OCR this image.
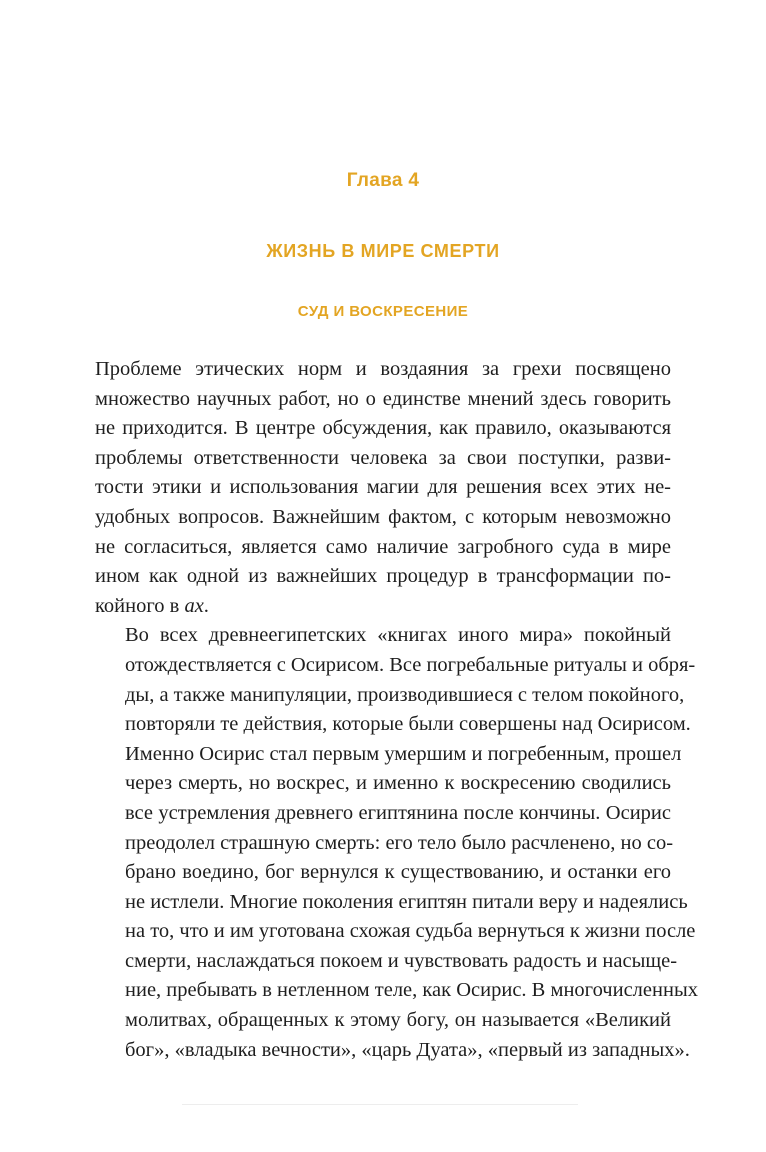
Глава 4
ЖИЗНЬ В МИРЕ СМЕРТИ
СУД И ВОСКРЕСЕНИЕ

Проблеме этических норм и воздаяния за грехи посвящено
множество научных работ, но о единстве мнений здесь говорить
не приходится. В центре обсуждения, как правило, оказываются
проблемы ответственности человека за свои поступки, разви-
тости этики и использования магии для решения всех этих не-
удобных вопросов. Важнейшим фактом, с которым невозможно
не согласиться, является само наличие загробного суда в мире
ином как одной из важнейших процедур в трансформации по-
койного в ах.

Во всех древнеегипетских «книгах иного мира» покойный
отождествляется с Осирисом. Все погребальные ритуалы и обря-
ды, а также манипуляции, производившиеся с телом покойного,
повторяли те действия, которые были совершены над Осирисом.
Именно Осирис стал первым умершим и погребенным, прошел
через смерть, но воскрес, и именно к воскресению сводились
все устремления древнего египтянина после кончины. Осирис
преодолел страшную смерть: его тело было расчленено, но со-
брано воедино, бог вернулся к существованию, и останки его
не истлели. Многие поколения египтян питали веру и надеялись
на то, что и им уготована схожая судьба вернуться к жизни после
смерти, наслаждаться покоем и чувствовать радость и насыще-
ние, пребывать в нетленном теле, как Осирис. В многочисленных
молитвах, обращенных к этому богу, он называется «Великий
бог», «владыка вечности», «царь Дуата», «первый из западных».
